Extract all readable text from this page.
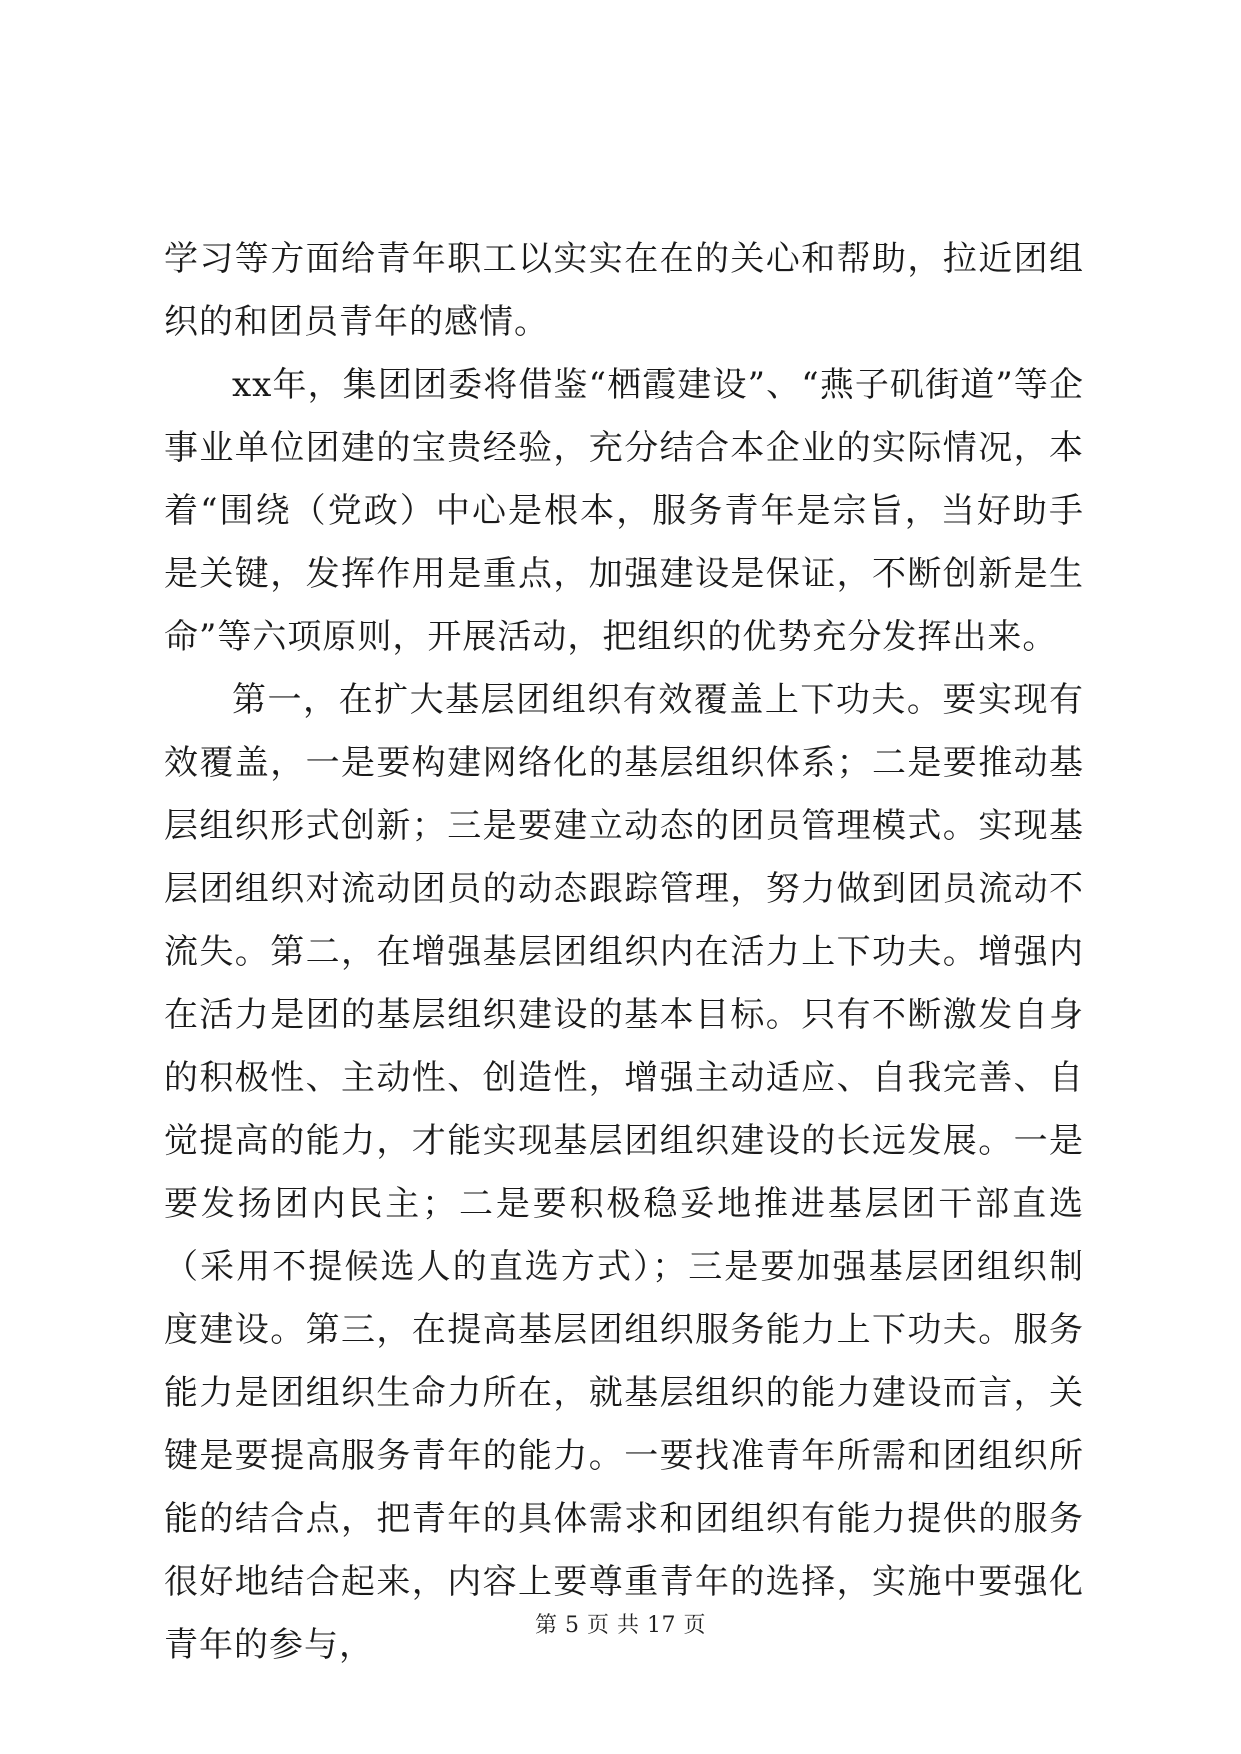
学习等方面给青年职工以实实在在的关心和帮助，拉近团组织的和团员青年的感情。

xx年，集团团委将借鉴“栖霞建设”、“燕子矶街道”等企事业单位团建的宝贵经验，充分结合本企业的实际情况，本着“围绕（党政）中心是根本，服务青年是宗旨，当好助手是关键，发挥作用是重点，加强建设是保证，不断创新是生命”等六项原则，开展活动，把组织的优势充分发挥出来。

第一，在扩大基层团组织有效覆盖上下功夫。要实现有效覆盖，一是要构建网络化的基层组织体系；二是要推动基层组织形式创新；三是要建立动态的团员管理模式。实现基层团组织对流动团员的动态跟踪管理，努力做到团员流动不流失。第二，在增强基层团组织内在活力上下功夫。增强内在活力是团的基层组织建设的基本目标。只有不断激发自身的积极性、主动性、创造性，增强主动适应、自我完善、自觉提高的能力，才能实现基层团组织建设的长远发展。一是要发扬团内民主；二是要积极稳妥地推进基层团干部直选（采用不提候选人的直选方式）；三是要加强基层团组织制度建设。第三，在提高基层团组织服务能力上下功夫。服务能力是团组织生命力所在，就基层组织的能力建设而言，关键是要提高服务青年的能力。一要找准青年所需和团组织所能的结合点，把青年的具体需求和团组织有能力提供的服务很好地结合起来，内容上要尊重青年的选择，实施中要强化青年的参与，	第 5 页 共 17 页
